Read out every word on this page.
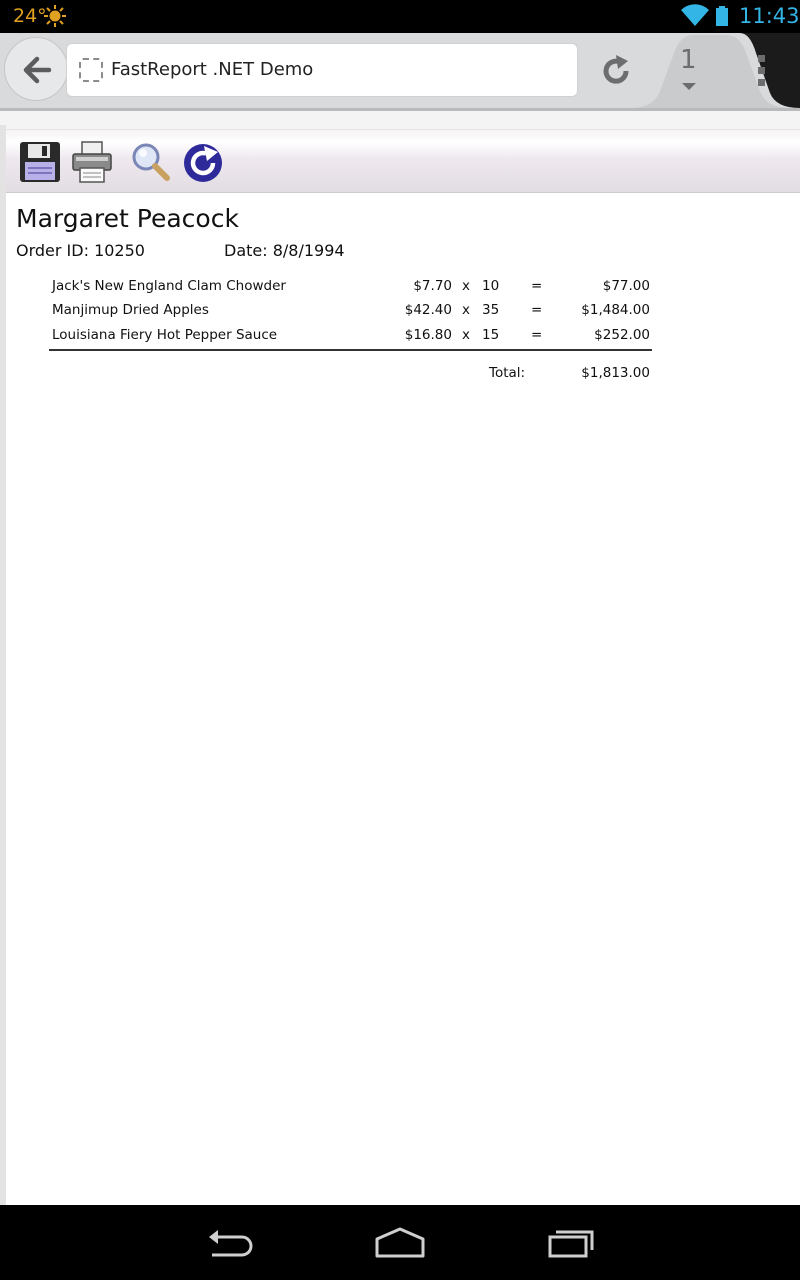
24°	11:43
FastReport .NET Demo	1
Margaret Peacock
Order ID: 10250	Date: 8/8/1994
Jack's New England Clam Chowder	$7.70 x 10 =	$77.00
Manjimup Dried Apples	$42.40 x 35 =	$1,484.00
Louisiana Fiery Hot Pepper Sauce	$16.80 x 15 =	$252.00
Total:	$1,813.00
